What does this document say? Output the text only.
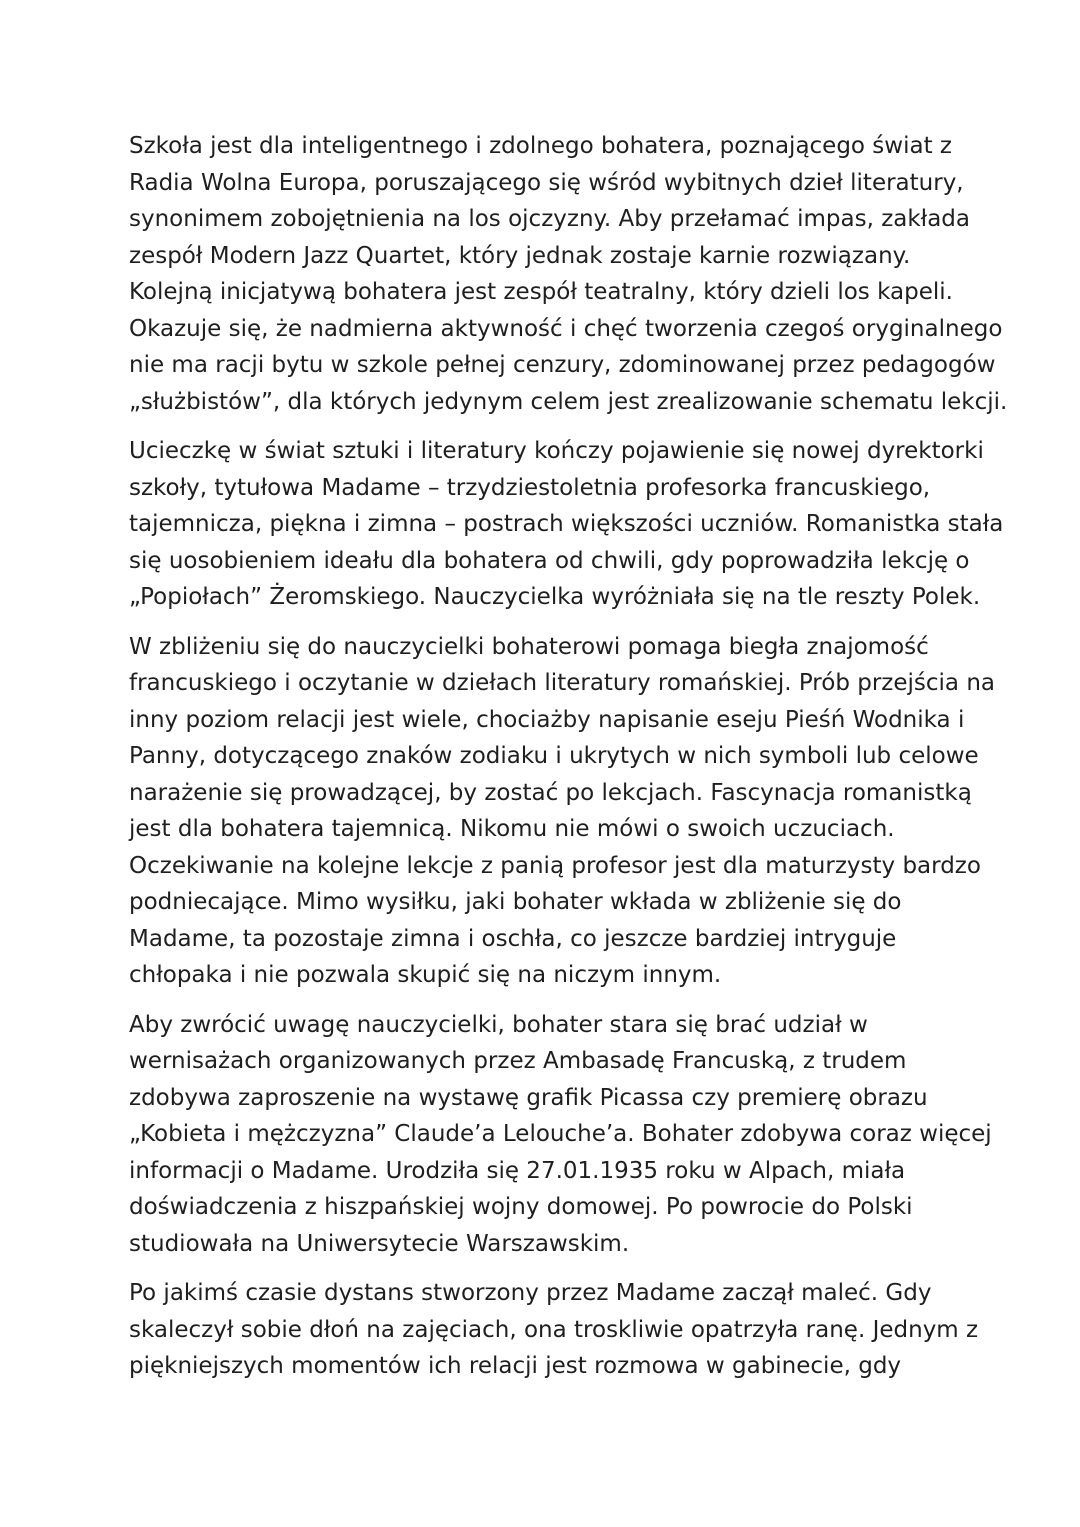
Szkoła jest dla inteligentnego i zdolnego bohatera, poznającego świat z
Radia Wolna Europa, poruszającego się wśród wybitnych dzieł literatury,
synonimem zobojętnienia na los ojczyzny. Aby przełamać impas, zakłada
zespół Modern Jazz Quartet, który jednak zostaje karnie rozwiązany.
Kolejną inicjatywą bohatera jest zespół teatralny, który dzieli los kapeli.
Okazuje się, że nadmierna aktywność i chęć tworzenia czegoś oryginalnego
nie ma racji bytu w szkole pełnej cenzury, zdominowanej przez pedagogów
„służbistów”, dla których jedynym celem jest zrealizowanie schematu lekcji.

Ucieczkę w świat sztuki i literatury kończy pojawienie się nowej dyrektorki
szkoły, tytułowa Madame – trzydziestoletnia profesorka francuskiego,
tajemnicza, piękna i zimna – postrach większości uczniów. Romanistka stała
się uosobieniem ideału dla bohatera od chwili, gdy poprowadziła lekcję o
„Popiołach” Żeromskiego. Nauczycielka wyróżniała się na tle reszty Polek.

W zbliżeniu się do nauczycielki bohaterowi pomaga biegła znajomość
francuskiego i oczytanie w dziełach literatury romańskiej. Prób przejścia na
inny poziom relacji jest wiele, chociażby napisanie eseju Pieśń Wodnika i
Panny, dotyczącego znaków zodiaku i ukrytych w nich symboli lub celowe
narażenie się prowadzącej, by zostać po lekcjach. Fascynacja romanistką
jest dla bohatera tajemnicą. Nikomu nie mówi o swoich uczuciach.
Oczekiwanie na kolejne lekcje z panią profesor jest dla maturzysty bardzo
podniecające. Mimo wysiłku, jaki bohater wkłada w zbliżenie się do
Madame, ta pozostaje zimna i oschła, co jeszcze bardziej intryguje
chłopaka i nie pozwala skupić się na niczym innym.

Aby zwrócić uwagę nauczycielki, bohater stara się brać udział w
wernisażach organizowanych przez Ambasadę Francuską, z trudem
zdobywa zaproszenie na wystawę grafik Picassa czy premierę obrazu
„Kobieta i mężczyzna” Claude’a Lelouche’a. Bohater zdobywa coraz więcej
informacji o Madame. Urodziła się 27.01.1935 roku w Alpach, miała
doświadczenia z hiszpańskiej wojny domowej. Po powrocie do Polski
studiowała na Uniwersytecie Warszawskim.

Po jakimś czasie dystans stworzony przez Madame zaczął maleć. Gdy
skaleczył sobie dłoń na zajęciach, ona troskliwie opatrzyła ranę. Jednym z
piękniejszych momentów ich relacji jest rozmowa w gabinecie, gdy
